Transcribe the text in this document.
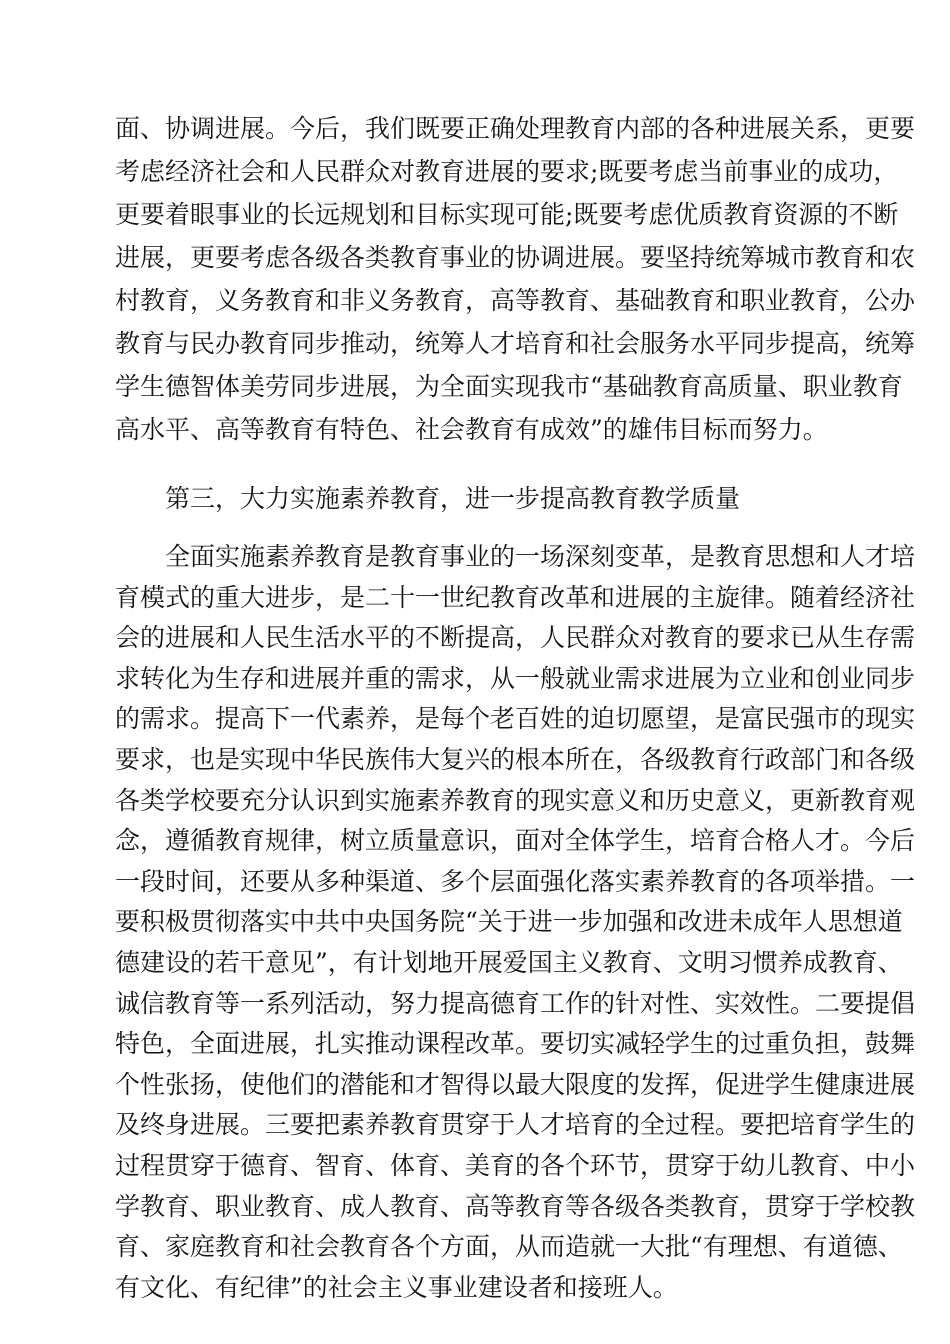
面、协调进展。今后，我们既要正确处理教育内部的各种进展关系，更要
考虑经济社会和人民群众对教育进展的要求;既要考虑当前事业的成功，
更要着眼事业的长远规划和目标实现可能;既要考虑优质教育资源的不断
进展，更要考虑各级各类教育事业的协调进展。要坚持统筹城市教育和农
村教育，义务教育和非义务教育，高等教育、基础教育和职业教育，公办
教育与民办教育同步推动，统筹人才培育和社会服务水平同步提高，统筹
学生德智体美劳同步进展，为全面实现我市“基础教育高质量、职业教育
高水平、高等教育有特色、社会教育有成效”的雄伟目标而努力。
第三，大力实施素养教育，进一步提高教育教学质量
全面实施素养教育是教育事业的一场深刻变革，是教育思想和人才培
育模式的重大进步，是二十一世纪教育改革和进展的主旋律。随着经济社
会的进展和人民生活水平的不断提高，人民群众对教育的要求已从生存需
求转化为生存和进展并重的需求，从一般就业需求进展为立业和创业同步
的需求。提高下一代素养，是每个老百姓的迫切愿望，是富民强市的现实
要求，也是实现中华民族伟大复兴的根本所在，各级教育行政部门和各级
各类学校要充分认识到实施素养教育的现实意义和历史意义，更新教育观
念，遵循教育规律，树立质量意识，面对全体学生，培育合格人才。今后
一段时间，还要从多种渠道、多个层面强化落实素养教育的各项举措。一
要积极贯彻落实中共中央国务院“关于进一步加强和改进未成年人思想道
德建设的若干意见”，有计划地开展爱国主义教育、文明习惯养成教育、
诚信教育等一系列活动，努力提高德育工作的针对性、实效性。二要提倡
特色，全面进展，扎实推动课程改革。要切实减轻学生的过重负担，鼓舞
个性张扬，使他们的潜能和才智得以最大限度的发挥，促进学生健康进展
及终身进展。三要把素养教育贯穿于人才培育的全过程。要把培育学生的
过程贯穿于德育、智育、体育、美育的各个环节，贯穿于幼儿教育、中小
学教育、职业教育、成人教育、高等教育等各级各类教育，贯穿于学校教
育、家庭教育和社会教育各个方面，从而造就一大批“有理想、有道德、
有文化、有纪律”的社会主义事业建设者和接班人。
